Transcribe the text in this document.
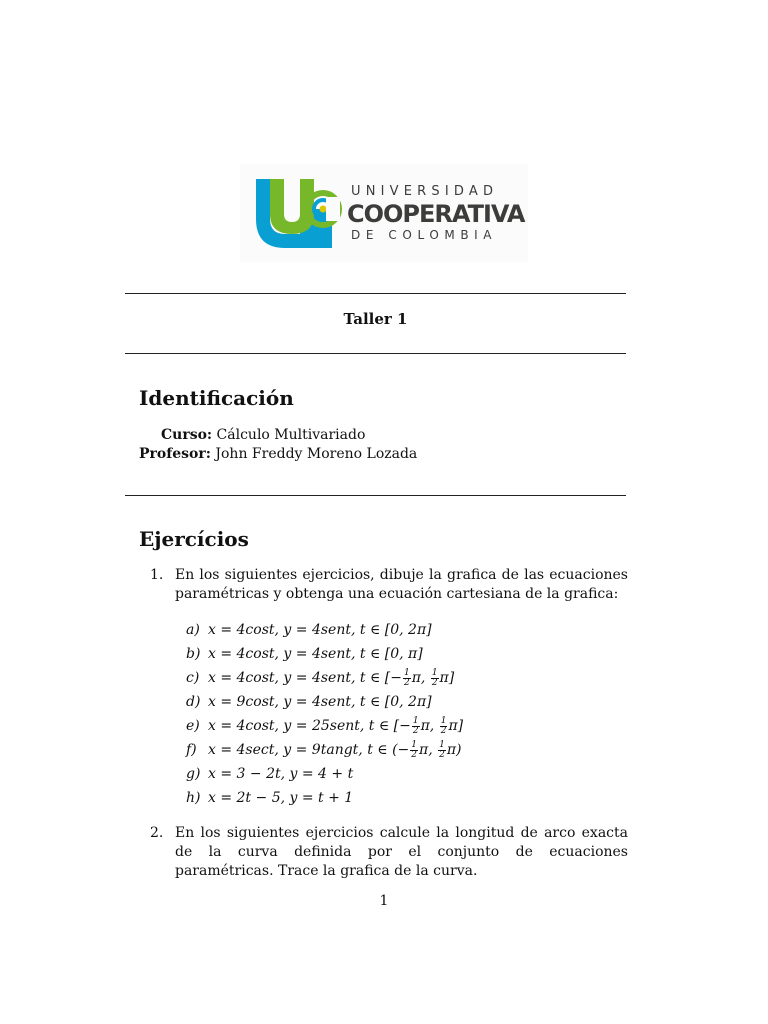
UNIVERSIDAD
COOPERATIVA
DE COLOMBIA
Taller 1
Identificación
Curso: Cálculo Multivariado
Profesor: John Freddy Moreno Lozada
Ejercícios
1. En los siguientes ejercicios, dibuje la grafica de las ecuaciones paramétricas y obtenga una ecuación cartesiana de la grafica:
a) x = 4cost, y = 4sent, t ∈ [0, 2π]
b) x = 4cost, y = 4sent, t ∈ [0, π]
c) x = 4cost, y = 4sent, t ∈ [− $\frac{1}{2} \pi$, $\frac{1}{2} \pi$]
d) x = 9cost, y = 4sent, t ∈ [0, 2π]
e) x = 4cost, y = 25sent, t ∈ [− $\frac{1}{2} \pi$, $\frac{1}{2} \pi$]
f) x = 4sect, y = 9tangt, t ∈ (− $\frac{1}{2} \pi$, $\frac{1}{2} \pi$)
g) x = 3 − 2t, y = 4 + t
h) x = 2t − 5, y = t + 1
2. En los siguientes ejercicios calcule la longitud de arco exacta de la curva definida por el conjunto de ecuaciones paramétricas. Trace la grafica de la curva.
1
